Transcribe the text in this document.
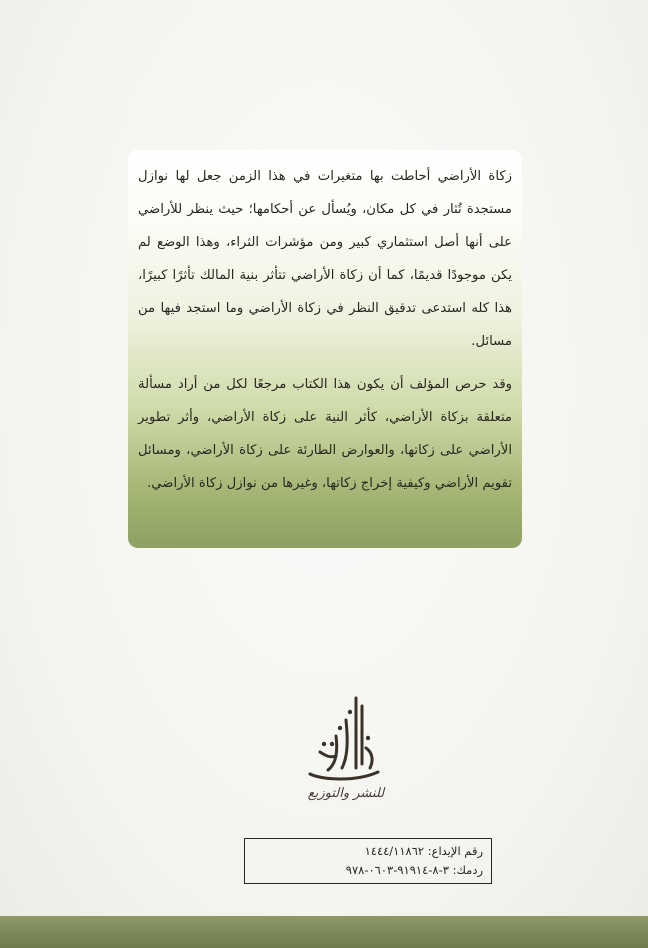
زكاة الأراضي أحاطت بها متغيرات في هذا الزمن جعل لها نوازل مستجدة تُثار في كل مكان، ويُسأل عن أحكامها؛ حيث ينظر للأراضي على أنها أصل استثماري كبير ومن مؤشرات الثراء، وهذا الوضع لم يكن موجودًا قديمًا، كما أن زكاة الأراضي تتأثر بنية المالك تأثرًا كبيرًا، هذا كله استدعى تدقيق النظر في زكاة الأراضي وما استجد فيها من مسائل.

وقد حرص المؤلف أن يكون هذا الكتاب مرجعًا لكل من أراد مسألة متعلقة بزكاة الأراضي، كأثر النية على زكاة الأراضي، وأثر تطوير الأراضي على زكاتها، والعوارض الطارئة على زكاة الأراضي، ومسائل تقويم الأراضي وكيفية إخراج زكاتها، وغيرها من نوازل زكاة الأراضي.

للنشر والتوزيع
رقم الإيداع: ١٤٤٤/١١٨٦٢
ردمك: ٣-٨-٩١٩١٤-٠٦٠٣-٩٧٨
